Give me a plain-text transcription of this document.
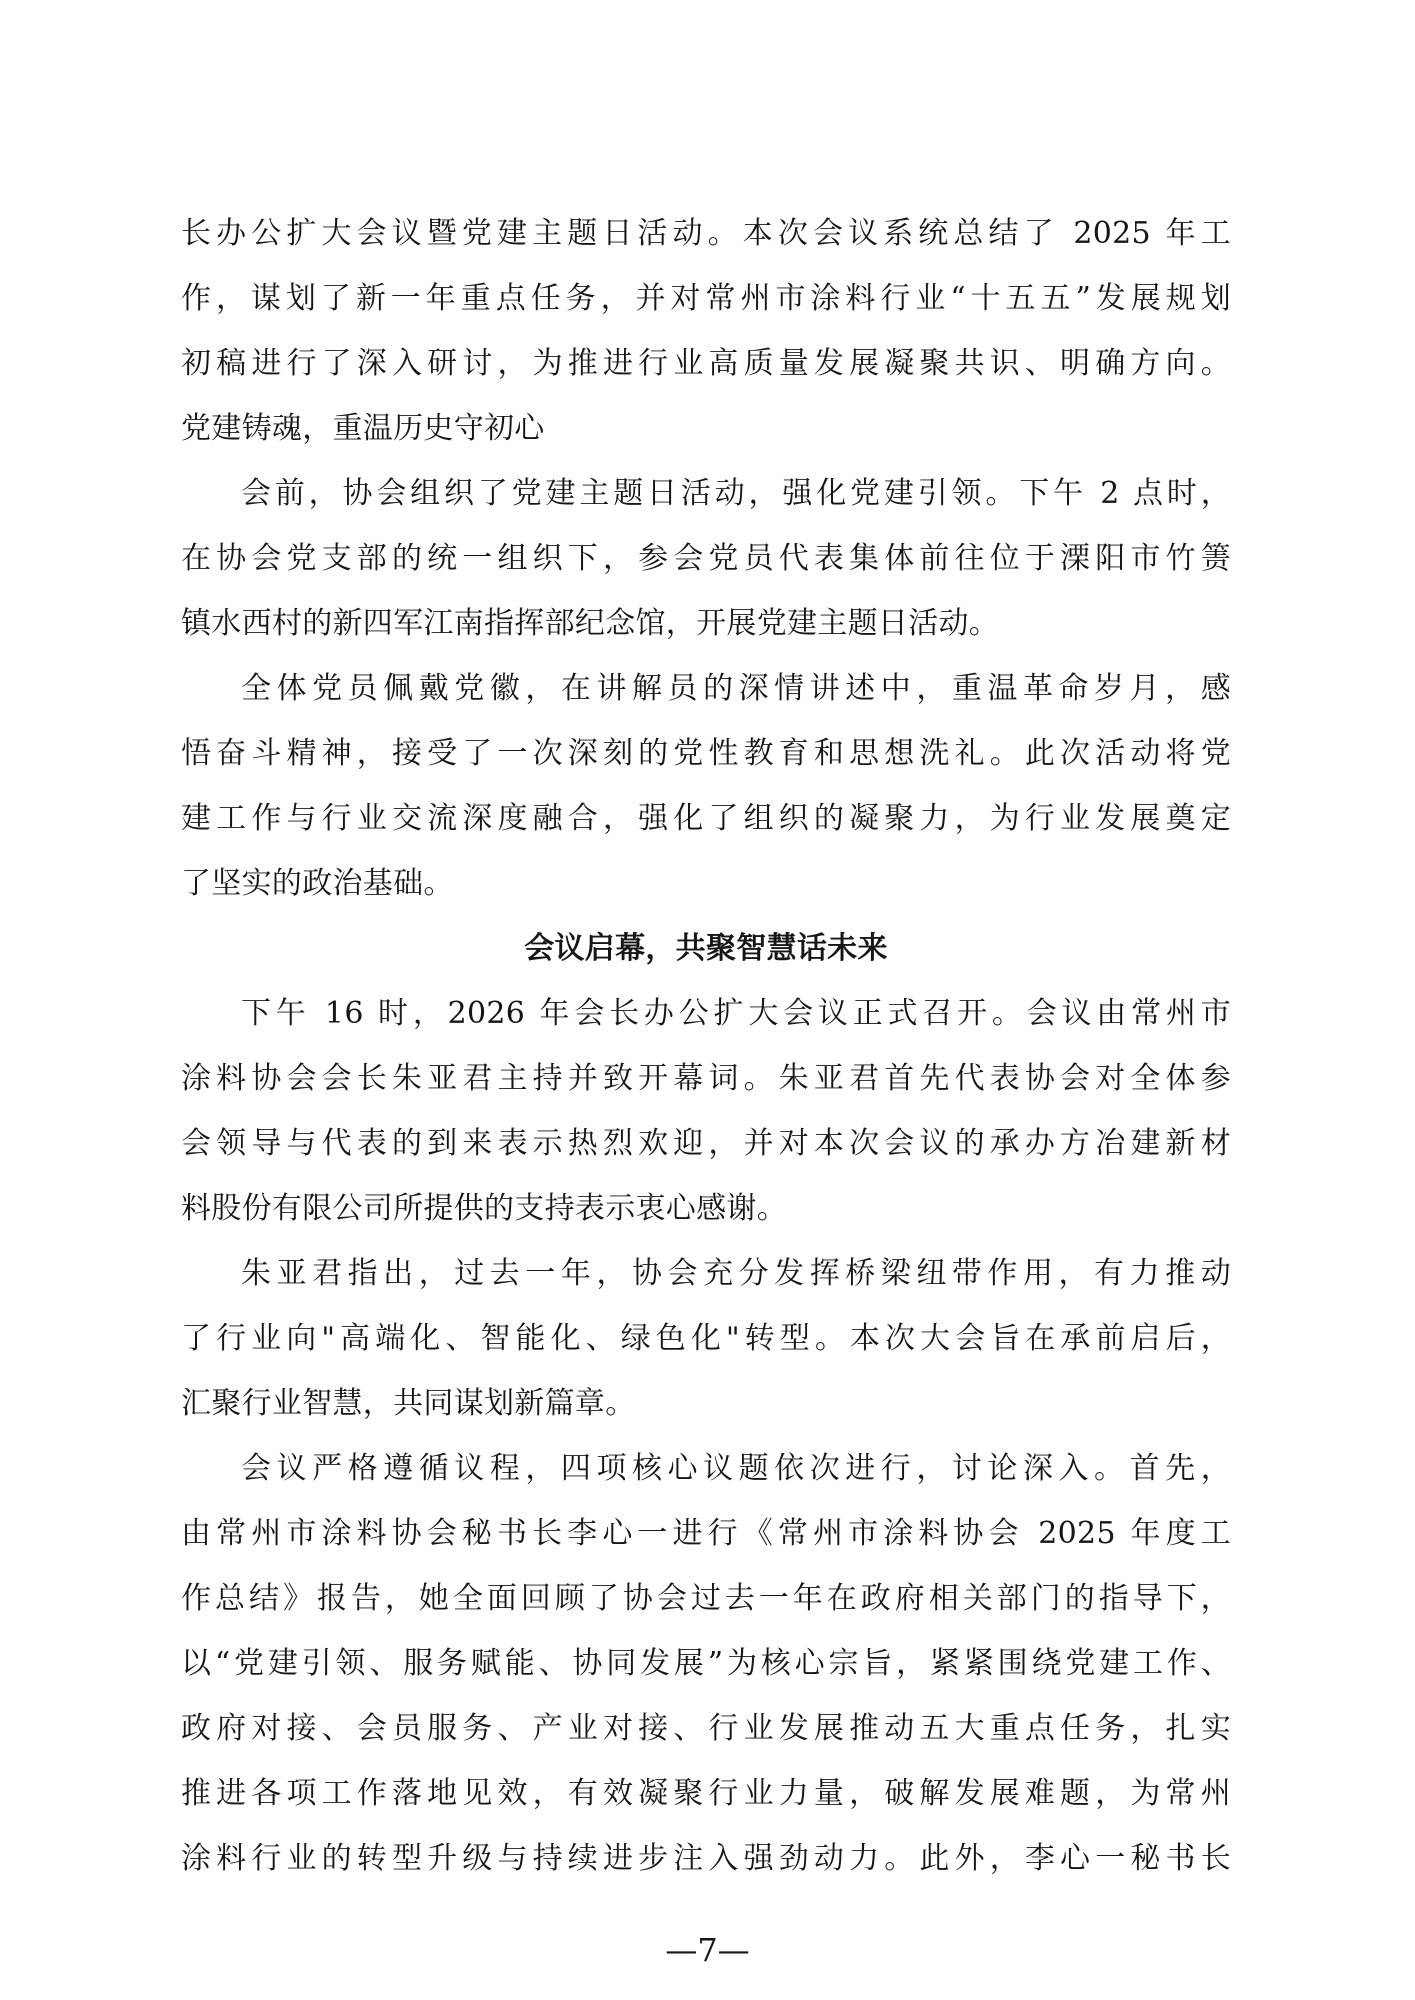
长办公扩大会议暨党建主题日活动。本次会议系统总结了 2025 年工
作，谋划了新一年重点任务，并对常州市涂料行业“十五五”发展规划
初稿进行了深入研讨，为推进行业高质量发展凝聚共识、明确方向。
党建铸魂，重温历史守初心
会前，协会组织了党建主题日活动，强化党建引领。下午 2 点时，
在协会党支部的统一组织下，参会党员代表集体前往位于溧阳市竹箦
镇水西村的新四军江南指挥部纪念馆，开展党建主题日活动。
全体党员佩戴党徽，在讲解员的深情讲述中，重温革命岁月，感
悟奋斗精神，接受了一次深刻的党性教育和思想洗礼。此次活动将党
建工作与行业交流深度融合，强化了组织的凝聚力，为行业发展奠定
了坚实的政治基础。
会议启幕，共聚智慧话未来
下午 16 时，2026 年会长办公扩大会议正式召开。会议由常州市
涂料协会会长朱亚君主持并致开幕词。朱亚君首先代表协会对全体参
会领导与代表的到来表示热烈欢迎，并对本次会议的承办方冶建新材
料股份有限公司所提供的支持表示衷心感谢。
朱亚君指出，过去一年，协会充分发挥桥梁纽带作用，有力推动
了行业向"高端化、智能化、绿色化"转型。本次大会旨在承前启后，
汇聚行业智慧，共同谋划新篇章。
会议严格遵循议程，四项核心议题依次进行，讨论深入。首先，
由常州市涂料协会秘书长李心一进行《常州市涂料协会 2025 年度工
作总结》报告，她全面回顾了协会过去一年在政府相关部门的指导下，
以“党建引领、服务赋能、协同发展”为核心宗旨，紧紧围绕党建工作、
政府对接、会员服务、产业对接、行业发展推动五大重点任务，扎实
推进各项工作落地见效，有效凝聚行业力量，破解发展难题，为常州
涂料行业的转型升级与持续进步注入强劲动力。此外，李心一秘书长
—7—
